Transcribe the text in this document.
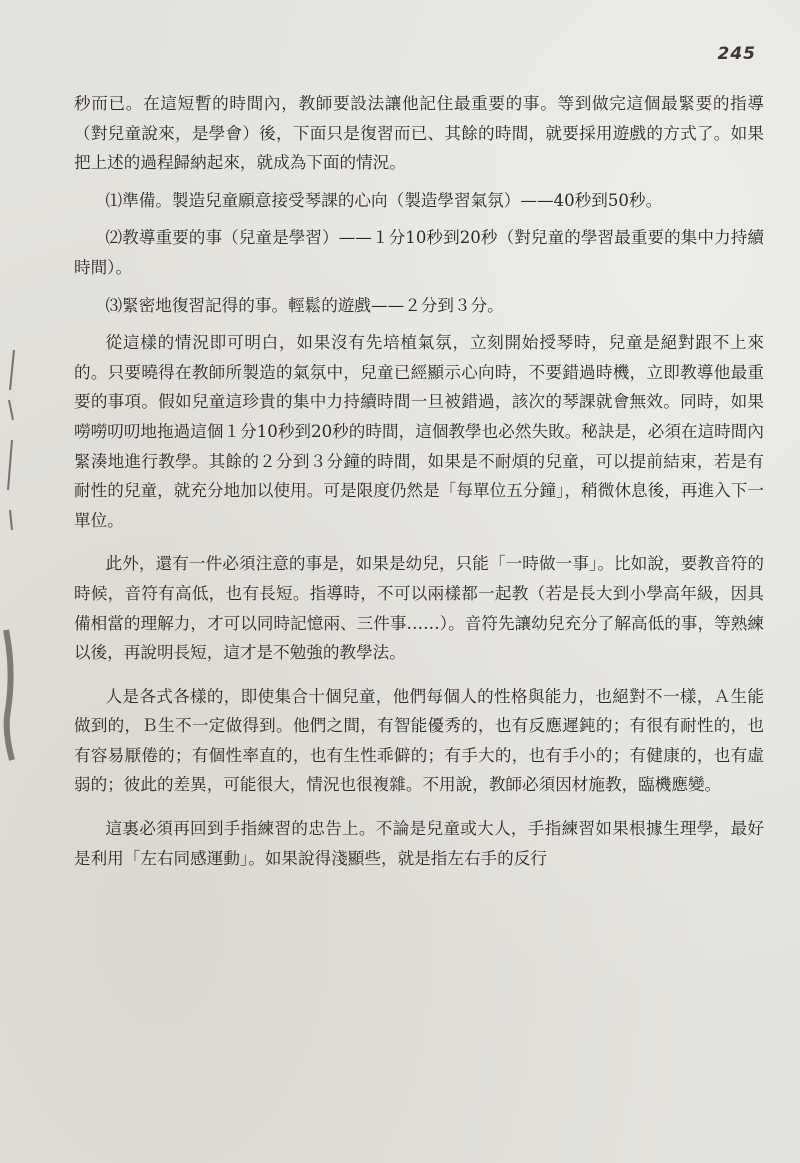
245

秒而已。在這短暫的時間內，教師要設法讓他記住最重要的事。等到做完這個最緊要的指導（對兒童說來，是學會）後，下面只是復習而已、其餘的時間，就要採用遊戲的方式了。如果把上述的過程歸納起來，就成為下面的情況。

⑴準備。製造兒童願意接受琴課的心向（製造學習氣氛）——40秒到50秒。

⑵教導重要的事（兒童是學習）——１分10秒到20秒（對兒童的學習最重要的集中力持續時間）。

⑶緊密地復習記得的事。輕鬆的遊戲——２分到３分。

從這樣的情況即可明白，如果沒有先培植氣氛，立刻開始授琴時，兒童是絕對跟不上來的。只要曉得在教師所製造的氣氛中，兒童已經顯示心向時，不要錯過時機，立即教導他最重要的事項。假如兒童這珍貴的集中力持續時間一旦被錯過，該次的琴課就會無效。同時，如果嘮嘮叨叨地拖過這個１分10秒到20秒的時間，這個教學也必然失敗。秘訣是，必須在這時間內緊湊地進行教學。其餘的２分到３分鐘的時間，如果是不耐煩的兒童，可以提前結束，若是有耐性的兒童，就充分地加以使用。可是限度仍然是「每單位五分鐘」，稍微休息後，再進入下一單位。

此外，還有一件必須注意的事是，如果是幼兒，只能「一時做一事」。比如說，要教音符的時候，音符有高低，也有長短。指導時，不可以兩樣都一起教（若是長大到小學高年級，因具備相當的理解力，才可以同時記憶兩、三件事……）。音符先讓幼兒充分了解高低的事，等熟練以後，再說明長短，這才是不勉強的教學法。

人是各式各樣的，即使集合十個兒童，他們每個人的性格與能力，也絕對不一樣，Ａ生能做到的，Ｂ生不一定做得到。他們之間，有智能優秀的，也有反應遲鈍的；有很有耐性的，也有容易厭倦的；有個性率直的，也有生性乖僻的；有手大的，也有手小的；有健康的，也有虛弱的；彼此的差異，可能很大，情況也很複雜。不用說，教師必須因材施教，臨機應變。

這裏必須再回到手指練習的忠告上。不論是兒童或大人，手指練習如果根據生理學，最好是利用「左右同感運動」。如果說得淺顯些，就是指左右手的反行
